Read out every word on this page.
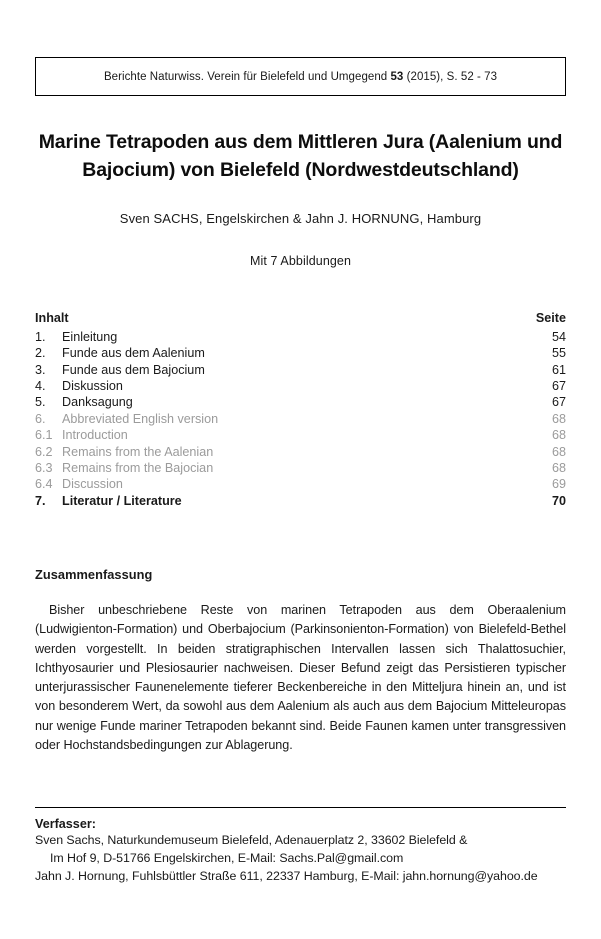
Berichte Naturwiss. Verein für Bielefeld und Umgegend 53 (2015), S. 52 - 73
Marine Tetrapoden aus dem Mittleren Jura (Aalenium und
Bajocium) von Bielefeld (Nordwestdeutschland)
Sven SACHS, Engelskirchen & Jahn J. HORNUNG, Hamburg
Mit 7 Abbildungen
Inhalt	Seite
1.	Einleitung	54
2.	Funde aus dem Aalenium	55
3.	Funde aus dem Bajocium	61
4.	Diskussion	67
5.	Danksagung	67
6.	Abbreviated English version	68
6.1 Introduction	68
6.2 Remains from the Aalenian	68
6.3 Remains from the Bajocian	68
6.4 Discussion	69
7.	Literatur / Literature	70
Zusammenfassung

Bisher unbeschriebene Reste von marinen Tetrapoden aus dem Oberaalenium (Ludwigienton-Formation) und Oberbajocium (Parkinsonienton-Formation) von Bielefeld-Bethel werden vorgestellt. In beiden stratigraphischen Intervallen lassen sich Thalattosuchier, Ichthyosaurier und Plesiosaurier nachweisen. Dieser Befund zeigt das Persistieren typischer unterjurassischer Faunenelemente tieferer Beckenbereiche in den Mitteljura hinein an, und ist von besonderem Wert, da sowohl aus dem Aalenium als auch aus dem Bajocium Mitteleuropas nur wenige Funde mariner Tetrapoden bekannt sind. Beide Faunen kamen unter transgressiven oder Hochstandsbedingungen zur Ablagerung.

Verfasser:
Sven Sachs, Naturkundemuseum Bielefeld, Adenauerplatz 2, 33602 Bielefeld &
Im Hof 9, D-51766 Engelskirchen, E-Mail: Sachs.Pal@gmail.com
Jahn J. Hornung, Fuhlsbüttler Straße 611, 22337 Hamburg, E-Mail: jahn.hornung@yahoo.de
